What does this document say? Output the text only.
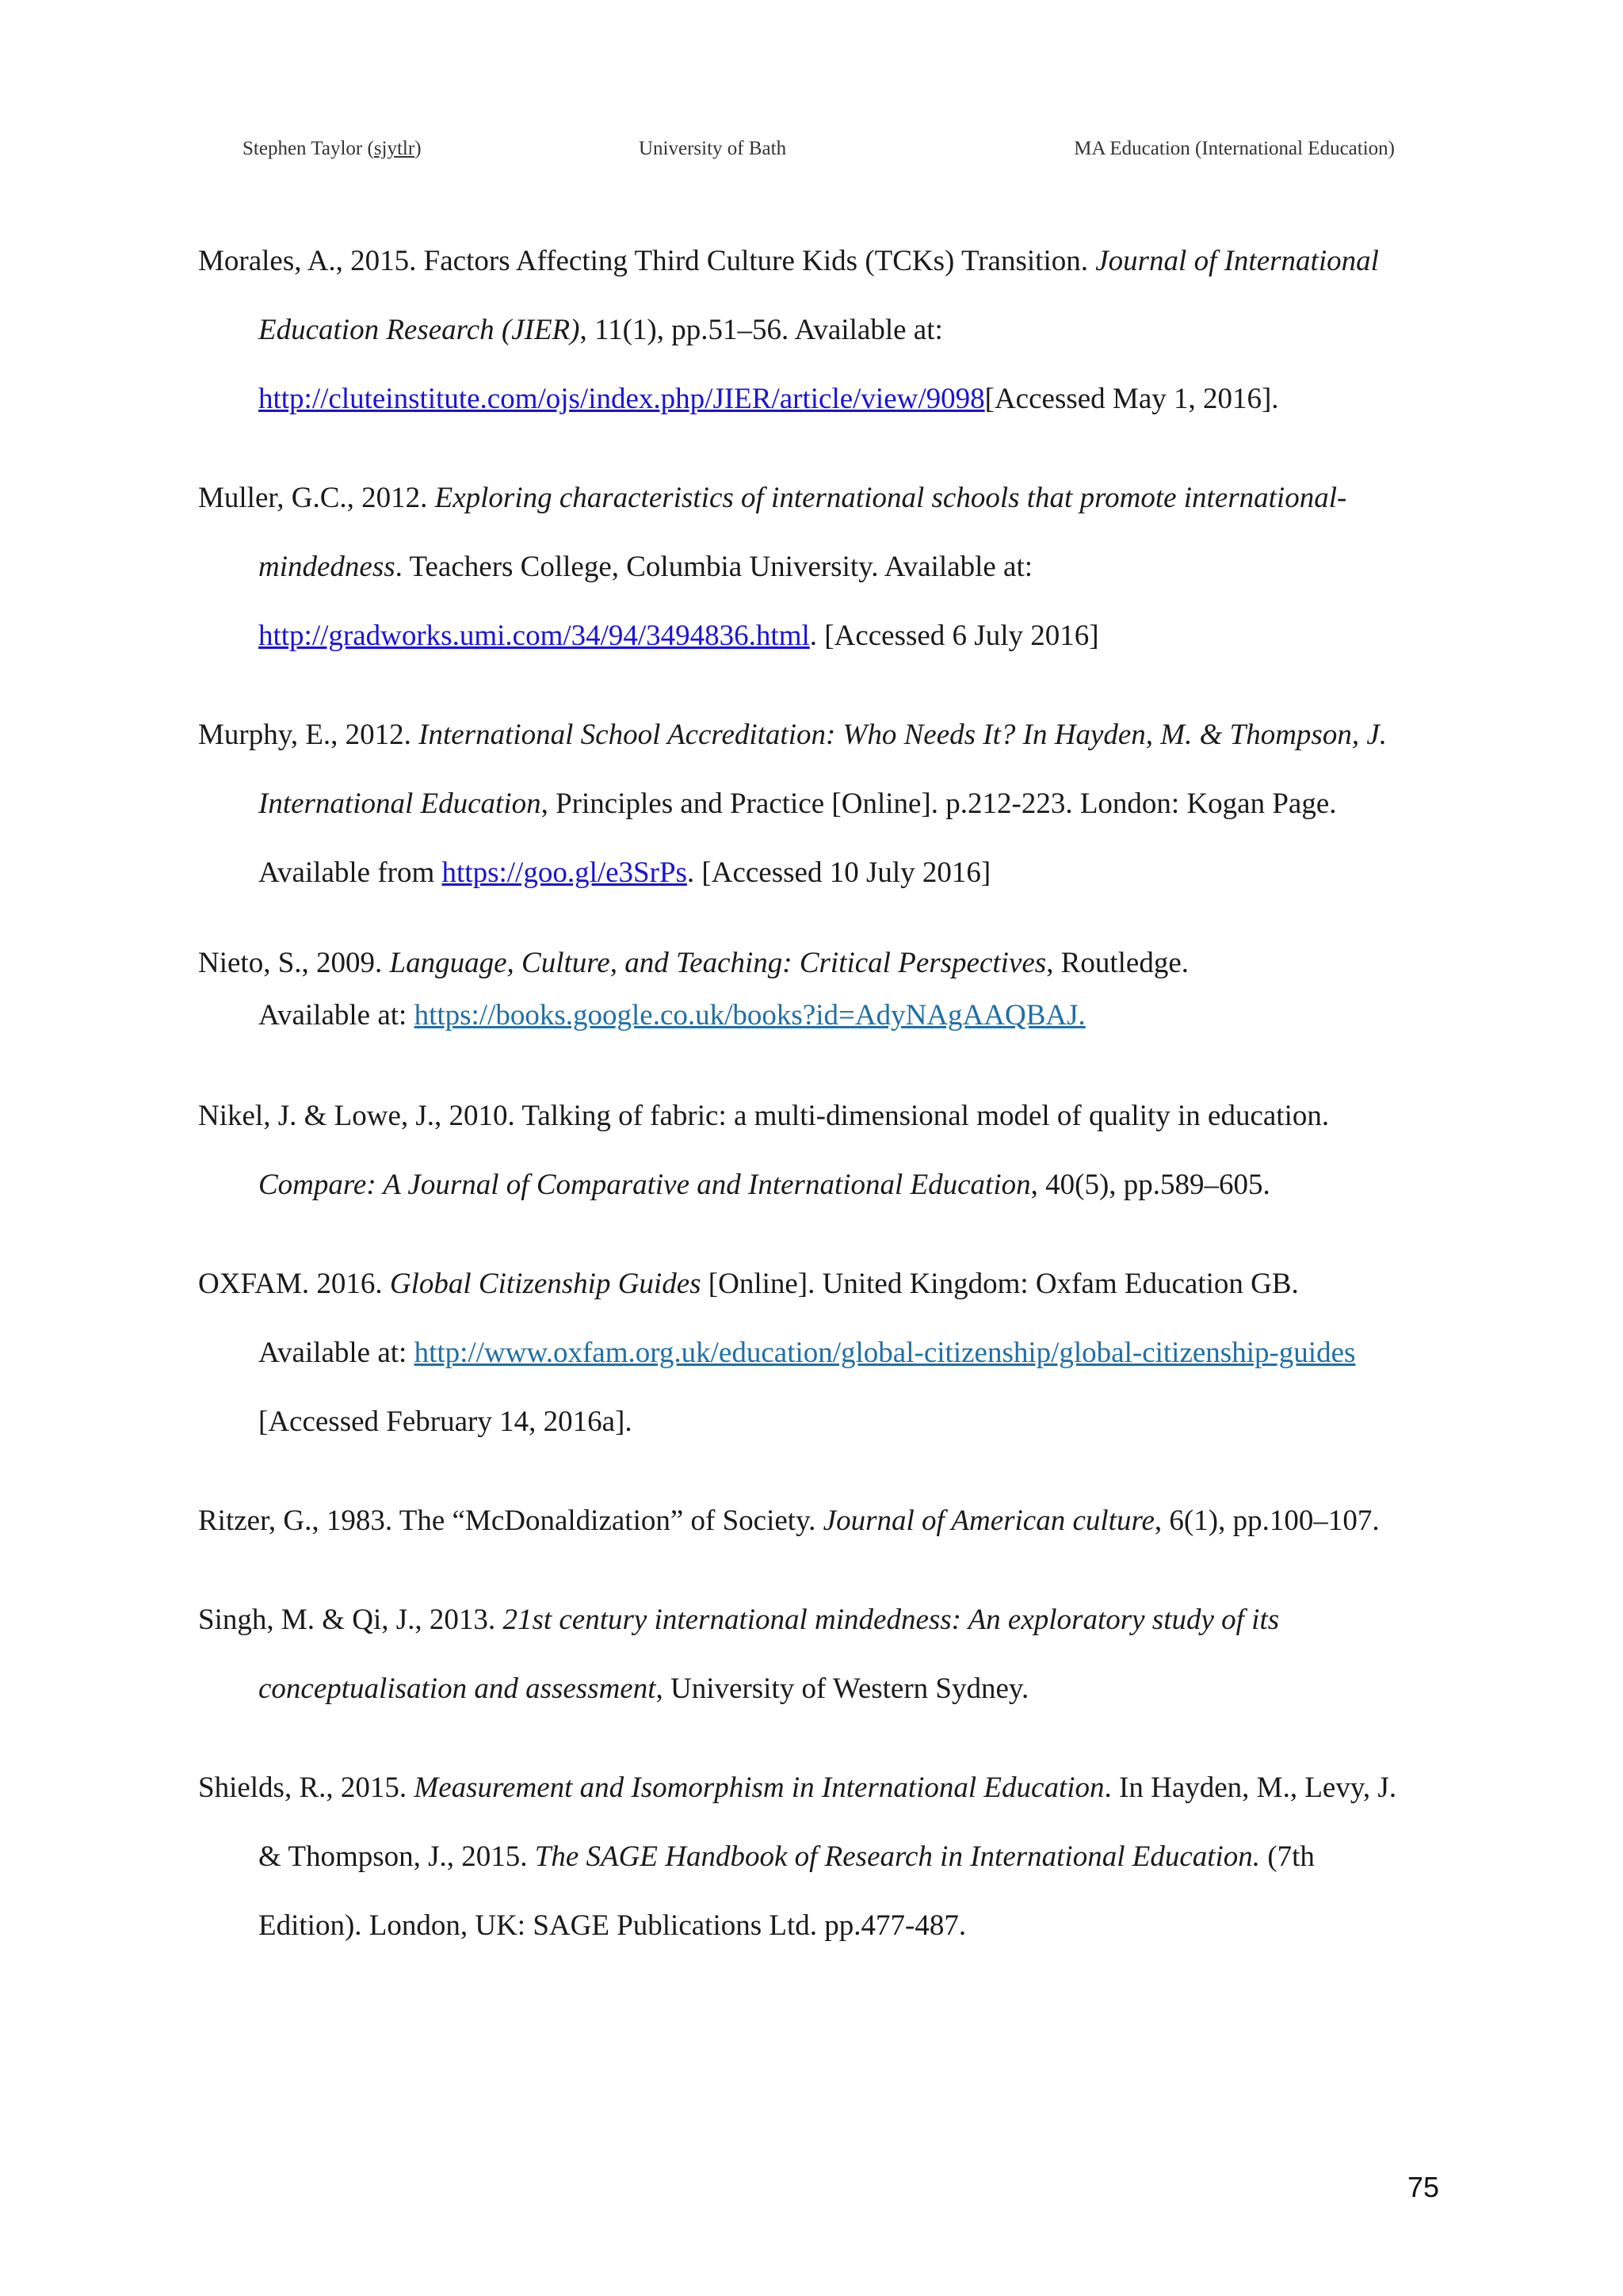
Stephen Taylor (sjytlr)	University of Bath	MA Education (International Education)
Morales, A., 2015. Factors Affecting Third Culture Kids (TCKs) Transition. Journal of International
Education Research (JIER), 11(1), pp.51–56. Available at:
http://cluteinstitute.com/ojs/index.php/JIER/article/view/9098[Accessed May 1, 2016].
Muller, G.C., 2012. Exploring characteristics of international schools that promote international-
mindedness. Teachers College, Columbia University. Available at:
http://gradworks.umi.com/34/94/3494836.html. [Accessed 6 July 2016]
Murphy, E., 2012. International School Accreditation: Who Needs It? In Hayden, M. & Thompson, J.
International Education, Principles and Practice [Online]. p.212-223. London: Kogan Page.
Available from https://goo.gl/e3SrPs. [Accessed 10 July 2016]
Nieto, S., 2009. Language, Culture, and Teaching: Critical Perspectives, Routledge.
Available at: https://books.google.co.uk/books?id=AdyNAgAAQBAJ.
Nikel, J. & Lowe, J., 2010. Talking of fabric: a multi-dimensional model of quality in education.
Compare: A Journal of Comparative and International Education, 40(5), pp.589–605.
OXFAM. 2016. Global Citizenship Guides [Online]. United Kingdom: Oxfam Education GB.
Available at: http://www.oxfam.org.uk/education/global-citizenship/global-citizenship-guides
[Accessed February 14, 2016a].
Ritzer, G., 1983. The “McDonaldization” of Society. Journal of American culture, 6(1), pp.100–107.
Singh, M. & Qi, J., 2013. 21st century international mindedness: An exploratory study of its
conceptualisation and assessment, University of Western Sydney.
Shields, R., 2015. Measurement and Isomorphism in International Education. In Hayden, M., Levy, J.
& Thompson, J., 2015. The SAGE Handbook of Research in International Education. (7th
Edition). London, UK: SAGE Publications Ltd. pp.477-487.
75
